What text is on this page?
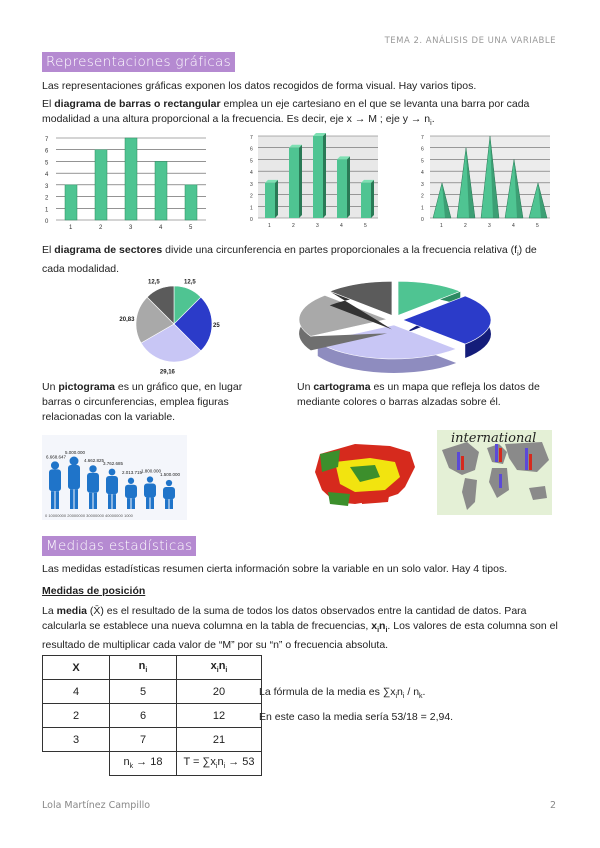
TEMA 2. ANÁLISIS DE UNA VARIABLE
Representaciones gráficas

Las representaciones gráficas exponen los datos recogidos de forma visual. Hay varios tipos.

El diagrama de barras o rectangular emplea un eje cartesiano en el que se levanta una barra por cada modalidad a una altura proporcional a la frecuencia. Es decir, eje x → M ; eje $y \to n_i$.

7
6
5
4
3
2
1
0
1	2	3	4	5
7
6
5
4
3
2
1
0
1	2	3	4	5
7
6
5
4
3
2
1
0
1	2	3	4	5

El diagrama de sectores divide una circunferencia en partes proporcionales a la frecuencia relativa $(f_i)$ de cada modalidad.

12,5
25
29,16
20,83
12,5
Un pictograma es un gráfico que, en lugar barras o circunferencias, emplea figuras relacionadas con la variable.
Un cartograma es un mapa que refleja los datos de mediante colores o barras alzadas sobre él.
6.668.647
5.000.000
4.662.825
3.762.685
2.013.715
1.800.000
1.500.000
0 10000000 20000000 30000000 40000000 1000
international
Medidas estadísticas

Las medidas estadísticas resumen cierta información sobre la variable en un solo valor. Hay 4 tipos.

Medidas de posición

La media (X̄) es el resultado de la suma de todos los datos observados entre la cantidad de datos. Para calcularla se establece una nueva columna en la tabla de frecuencias, $x_in_i$. Los valores de esta columna son el resultado de multiplicar cada valor de “M” por su “n” o frecuencia absoluta.

X	$n_i$	$x_in_i$
4	5	20
2	6	12
3	7	21
	$n_k \to 18$	$T = \sum x_in_i \to 53$
La fórmula de la media es $\sum x_in_i / n_k$.
En este caso la media sería 53/18 = 2,94.
Lola Martínez Campillo	2
